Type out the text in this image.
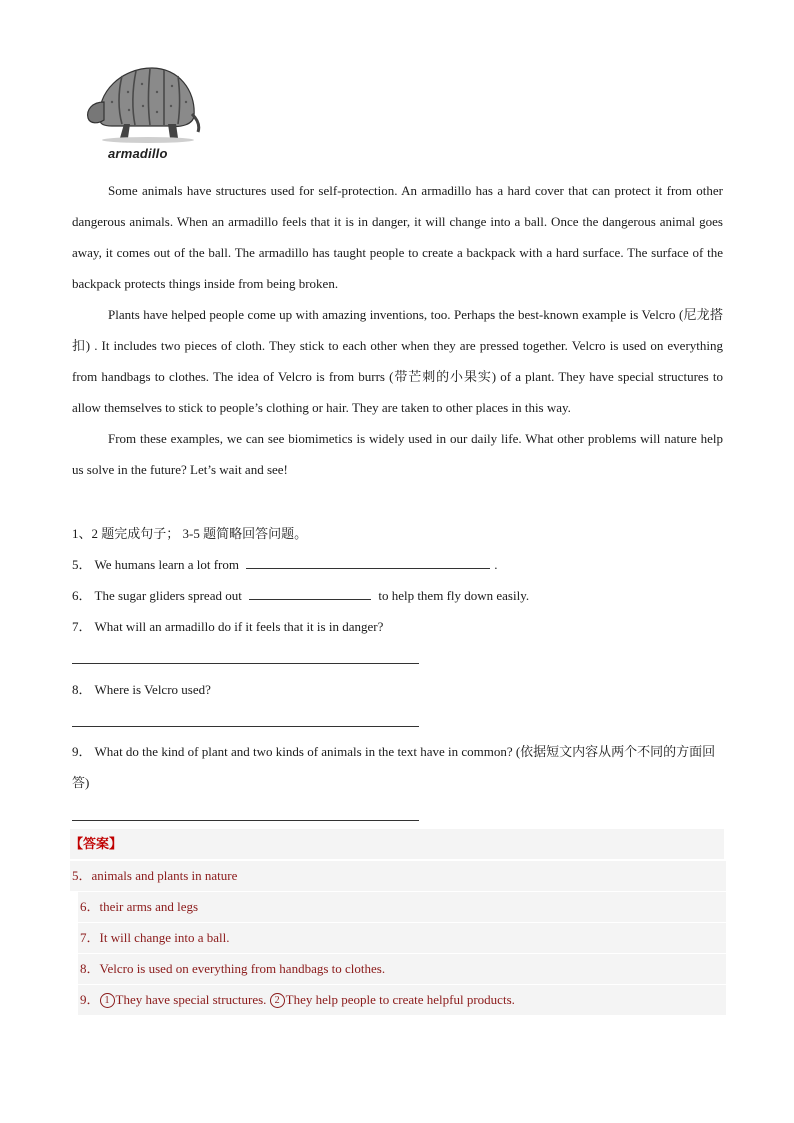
armadillo

Some animals have structures used for self-protection. An armadillo has a hard cover that can protect it from other dangerous animals. When an armadillo feels that it is in danger, it will change into a ball. Once the dangerous animal goes away, it comes out of the ball. The armadillo has taught people to create a backpack with a hard surface. The surface of the backpack protects things inside from being broken.

Plants have helped people come up with amazing inventions, too. Perhaps the best-known example is Velcro (尼龙搭扣) . It includes two pieces of cloth. They stick to each other when they are pressed together. Velcro is used on everything from handbags to clothes. The idea of Velcro is from burrs (带芒刺的小果实) of a plant. They have special structures to allow themselves to stick to people’s clothing or hair. They are taken to other places in this way.

From these examples, we can see biomimetics is widely used in our daily life. What other problems will nature help us solve in the future? Let’s wait and see!

1、2 题完成句子； 3-5 题简略回答问题。
5． We humans learn a lot from	.
6． The sugar gliders spread out	to help them fly down easily.
7． What will an armadillo do if it feels that it is in danger?
8． Where is Velcro used?
9． What do the kind of plant and two kinds of animals in the text have in common? (依据短文内容从两个不同的方面回答)
【答案】
5．animals and plants in nature
6．their arms and legs
7．It will change into a ball.
8．Velcro is used on everything from handbags to clothes.
9． 1 They have special structures. 2 They help people to create helpful products.
